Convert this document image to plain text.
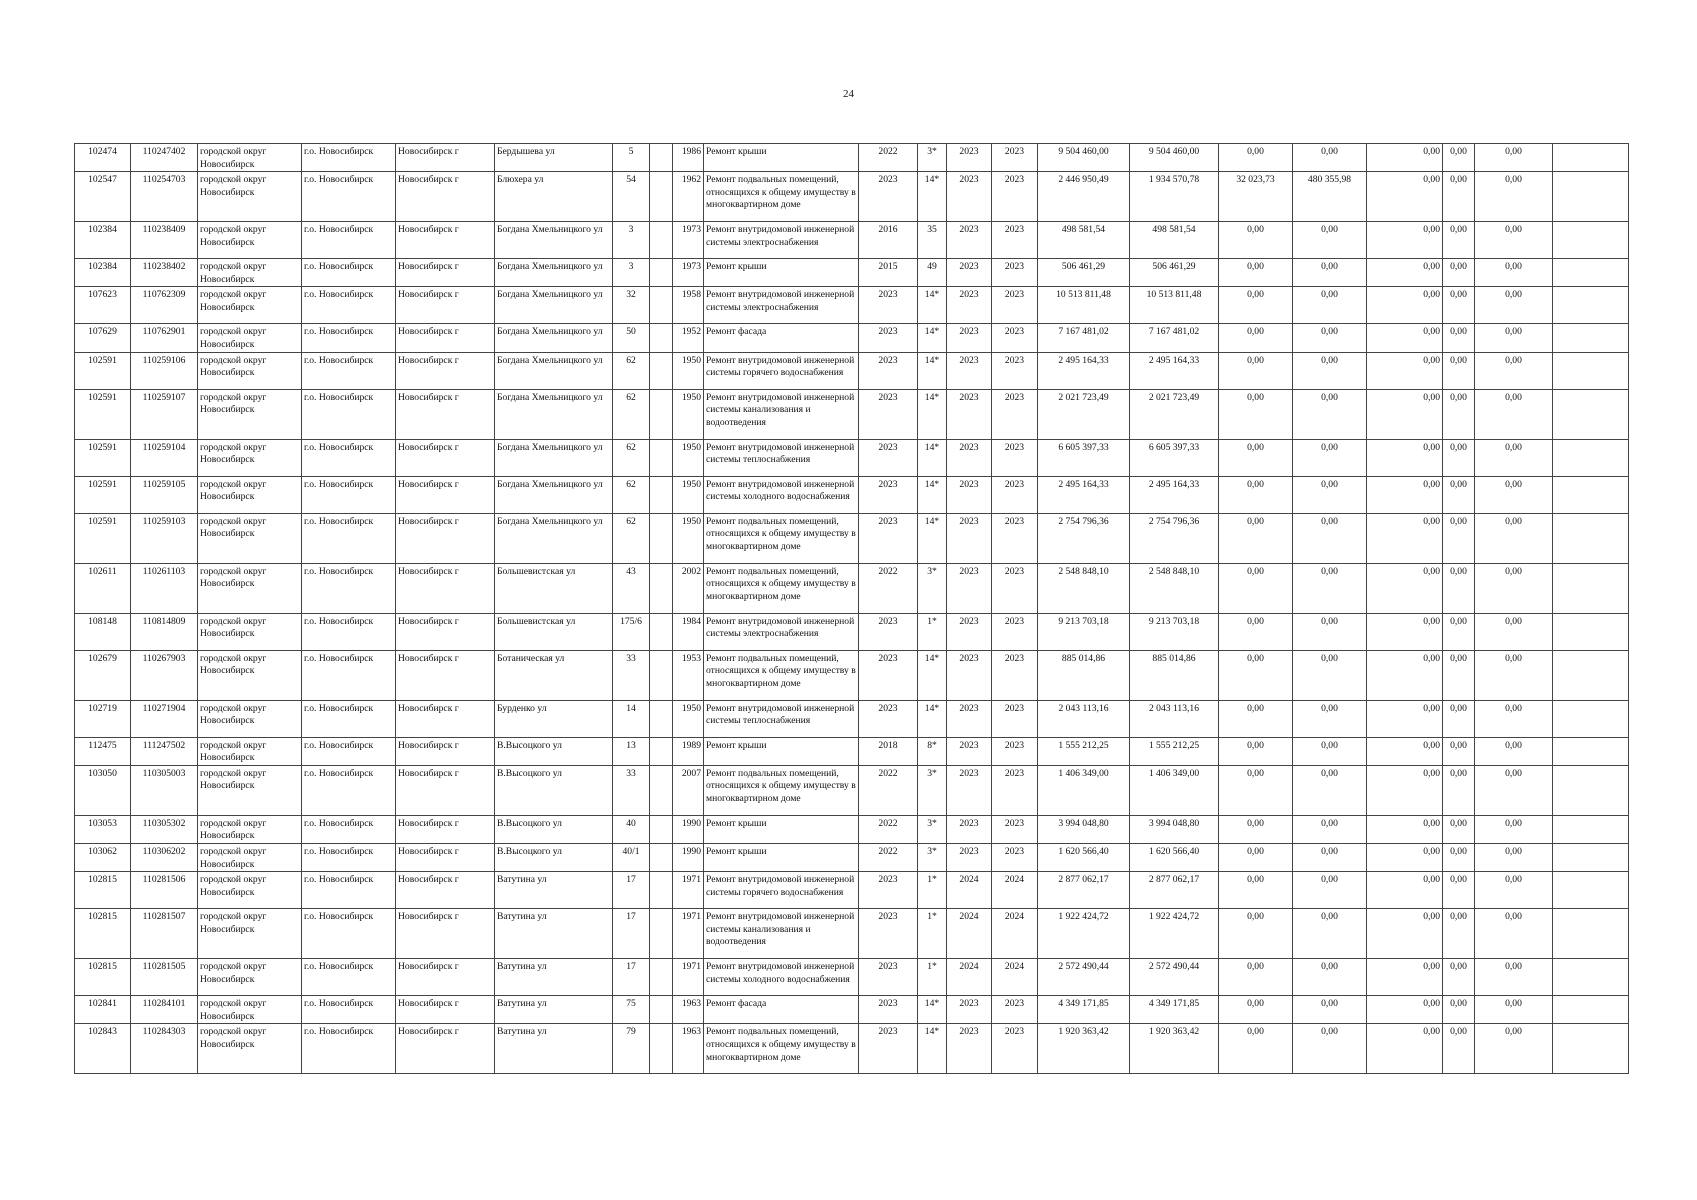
24
102474	110247402	городской округ Новосибирск	г.о. Новосибирск	Новосибирск г	Бердышева ул	5		1986	Ремонт крыши	2022	3*	2023	2023	9 504 460,00	9 504 460,00	0,00	0,00	0,00	0,00	0,00	
102547	110254703	городской округ Новосибирск	г.о. Новосибирск	Новосибирск г	Блюхера ул	54		1962	Ремонт подвальных помещений, относящихся к общему имуществу в многоквартирном доме	2023	14*	2023	2023	2 446 950,49	1 934 570,78	32 023,73	480 355,98	0,00	0,00	0,00	
102384	110238409	городской округ Новосибирск	г.о. Новосибирск	Новосибирск г	Богдана Хмельницкого ул	3		1973	Ремонт внутридомовой инженерной системы электроснабжения	2016	35	2023	2023	498 581,54	498 581,54	0,00	0,00	0,00	0,00	0,00	
102384	110238402	городской округ Новосибирск	г.о. Новосибирск	Новосибирск г	Богдана Хмельницкого ул	3		1973	Ремонт крыши	2015	49	2023	2023	506 461,29	506 461,29	0,00	0,00	0,00	0,00	0,00	
107623	110762309	городской округ Новосибирск	г.о. Новосибирск	Новосибирск г	Богдана Хмельницкого ул	32		1958	Ремонт внутридомовой инженерной системы электроснабжения	2023	14*	2023	2023	10 513 811,48	10 513 811,48	0,00	0,00	0,00	0,00	0,00	
107629	110762901	городской округ Новосибирск	г.о. Новосибирск	Новосибирск г	Богдана Хмельницкого ул	50		1952	Ремонт фасада	2023	14*	2023	2023	7 167 481,02	7 167 481,02	0,00	0,00	0,00	0,00	0,00	
102591	110259106	городской округ Новосибирск	г.о. Новосибирск	Новосибирск г	Богдана Хмельницкого ул	62		1950	Ремонт внутридомовой инженерной системы горячего водоснабжения	2023	14*	2023	2023	2 495 164,33	2 495 164,33	0,00	0,00	0,00	0,00	0,00	
102591	110259107	городской округ Новосибирск	г.о. Новосибирск	Новосибирск г	Богдана Хмельницкого ул	62		1950	Ремонт внутридомовой инженерной системы канализования и водоотведения	2023	14*	2023	2023	2 021 723,49	2 021 723,49	0,00	0,00	0,00	0,00	0,00	
102591	110259104	городской округ Новосибирск	г.о. Новосибирск	Новосибирск г	Богдана Хмельницкого ул	62		1950	Ремонт внутридомовой инженерной системы теплоснабжения	2023	14*	2023	2023	6 605 397,33	6 605 397,33	0,00	0,00	0,00	0,00	0,00	
102591	110259105	городской округ Новосибирск	г.о. Новосибирск	Новосибирск г	Богдана Хмельницкого ул	62		1950	Ремонт внутридомовой инженерной системы холодного водоснабжения	2023	14*	2023	2023	2 495 164,33	2 495 164,33	0,00	0,00	0,00	0,00	0,00	
102591	110259103	городской округ Новосибирск	г.о. Новосибирск	Новосибирск г	Богдана Хмельницкого ул	62		1950	Ремонт подвальных помещений, относящихся к общему имуществу в многоквартирном доме	2023	14*	2023	2023	2 754 796,36	2 754 796,36	0,00	0,00	0,00	0,00	0,00	
102611	110261103	городской округ Новосибирск	г.о. Новосибирск	Новосибирск г	Большевистская ул	43		2002	Ремонт подвальных помещений, относящихся к общему имуществу в многоквартирном доме	2022	3*	2023	2023	2 548 848,10	2 548 848,10	0,00	0,00	0,00	0,00	0,00	
108148	110814809	городской округ Новосибирск	г.о. Новосибирск	Новосибирск г	Большевистская ул	175/6		1984	Ремонт внутридомовой инженерной системы электроснабжения	2023	1*	2023	2023	9 213 703,18	9 213 703,18	0,00	0,00	0,00	0,00	0,00	
102679	110267903	городской округ Новосибирск	г.о. Новосибирск	Новосибирск г	Ботаническая ул	33		1953	Ремонт подвальных помещений, относящихся к общему имуществу в многоквартирном доме	2023	14*	2023	2023	885 014,86	885 014,86	0,00	0,00	0,00	0,00	0,00	
102719	110271904	городской округ Новосибирск	г.о. Новосибирск	Новосибирск г	Бурденко ул	14		1950	Ремонт внутридомовой инженерной системы теплоснабжения	2023	14*	2023	2023	2 043 113,16	2 043 113,16	0,00	0,00	0,00	0,00	0,00	
112475	111247502	городской округ Новосибирск	г.о. Новосибирск	Новосибирск г	В.Высоцкого ул	13		1989	Ремонт крыши	2018	8*	2023	2023	1 555 212,25	1 555 212,25	0,00	0,00	0,00	0,00	0,00	
103050	110305003	городской округ Новосибирск	г.о. Новосибирск	Новосибирск г	В.Высоцкого ул	33		2007	Ремонт подвальных помещений, относящихся к общему имуществу в многоквартирном доме	2022	3*	2023	2023	1 406 349,00	1 406 349,00	0,00	0,00	0,00	0,00	0,00	
103053	110305302	городской округ Новосибирск	г.о. Новосибирск	Новосибирск г	В.Высоцкого ул	40		1990	Ремонт крыши	2022	3*	2023	2023	3 994 048,80	3 994 048,80	0,00	0,00	0,00	0,00	0,00	
103062	110306202	городской округ Новосибирск	г.о. Новосибирск	Новосибирск г	В.Высоцкого ул	40/1		1990	Ремонт крыши	2022	3*	2023	2023	1 620 566,40	1 620 566,40	0,00	0,00	0,00	0,00	0,00	
102815	110281506	городской округ Новосибирск	г.о. Новосибирск	Новосибирск г	Ватутина ул	17		1971	Ремонт внутридомовой инженерной системы горячего водоснабжения	2023	1*	2024	2024	2 877 062,17	2 877 062,17	0,00	0,00	0,00	0,00	0,00	
102815	110281507	городской округ Новосибирск	г.о. Новосибирск	Новосибирск г	Ватутина ул	17		1971	Ремонт внутридомовой инженерной системы канализования и водоотведения	2023	1*	2024	2024	1 922 424,72	1 922 424,72	0,00	0,00	0,00	0,00	0,00	
102815	110281505	городской округ Новосибирск	г.о. Новосибирск	Новосибирск г	Ватутина ул	17		1971	Ремонт внутридомовой инженерной системы холодного водоснабжения	2023	1*	2024	2024	2 572 490,44	2 572 490,44	0,00	0,00	0,00	0,00	0,00	
102841	110284101	городской округ Новосибирск	г.о. Новосибирск	Новосибирск г	Ватутина ул	75		1963	Ремонт фасада	2023	14*	2023	2023	4 349 171,85	4 349 171,85	0,00	0,00	0,00	0,00	0,00	
102843	110284303	городской округ Новосибирск	г.о. Новосибирск	Новосибирск г	Ватутина ул	79		1963	Ремонт подвальных помещений, относящихся к общему имуществу в многоквартирном доме	2023	14*	2023	2023	1 920 363,42	1 920 363,42	0,00	0,00	0,00	0,00	0,00	
